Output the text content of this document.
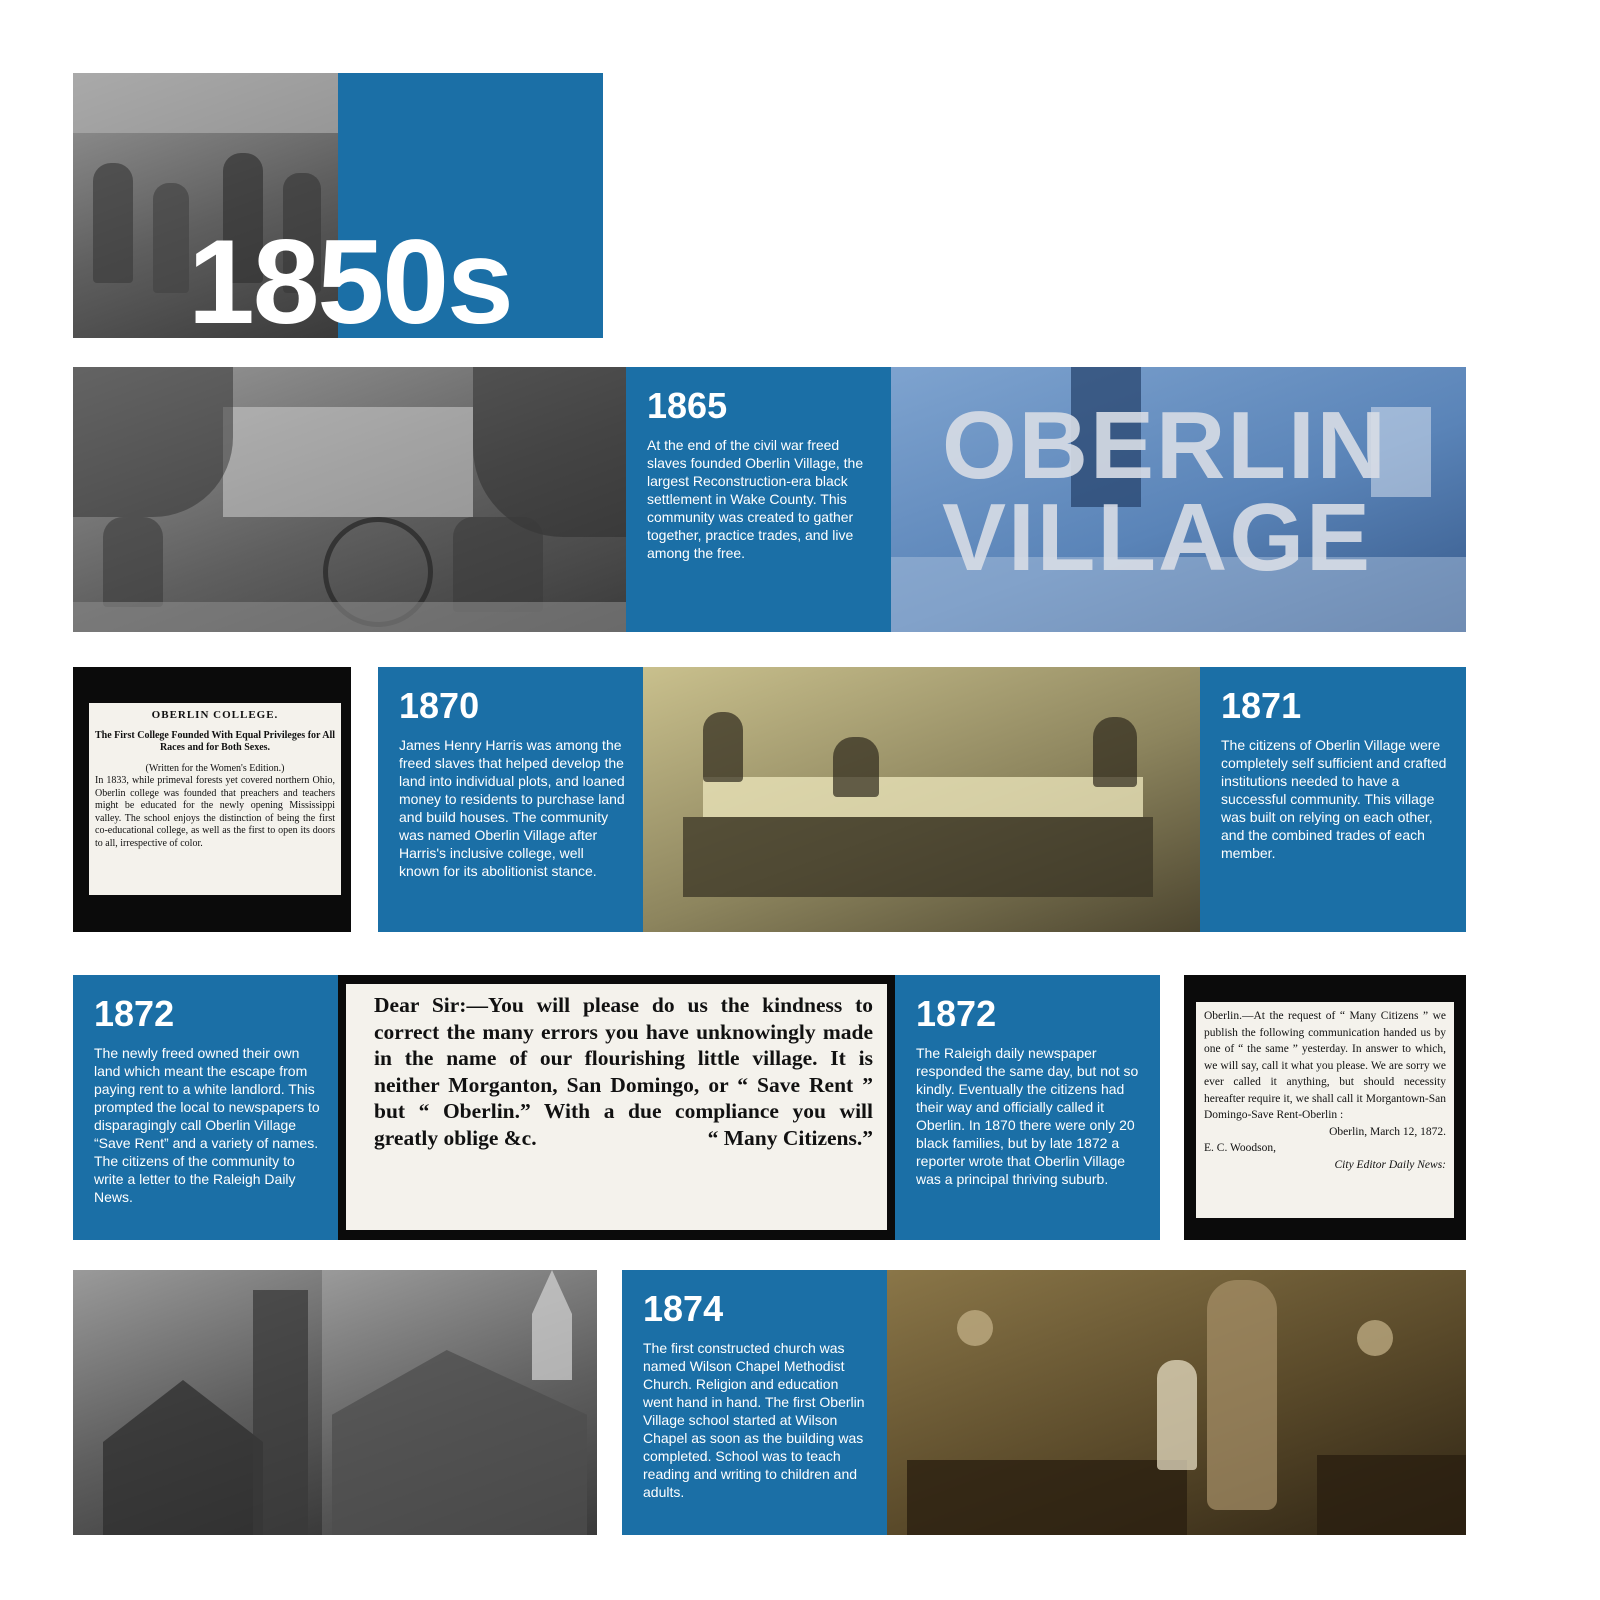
1850s
1865
At the end of the civil war freed slaves founded Oberlin Village, the largest Reconstruction-era black settlement in Wake County. This community was created to gather together, practice trades, and live among the free.
OBERLIN
VILLAGE
OBERLIN COLLEGE.
The First College Founded With Equal Privileges for All Races and for Both Sexes.
(Written for the Women's Edition.)
In 1833, while primeval forests yet covered northern Ohio, Oberlin college was founded that preachers and teachers might be educated for the newly opening Mississippi valley. The school enjoys the distinction of being the first co-educational college, as well as the first to open its doors to all, irrespective of color.
1870
James Henry Harris was among the freed slaves that helped develop the land into individual plots, and loaned money to residents to purchase land and build houses. The community was named Oberlin Village after Harris's inclusive college, well known for its abolitionist stance.
1871
The citizens of Oberlin Village were completely self sufficient and crafted institutions needed to have a successful community. This village was built on relying on each other, and the combined trades of each member.
1872
The newly freed owned their own land which meant the escape from paying rent to a white landlord. This prompted the local to newspapers to disparagingly call Oberlin Village “Save Rent” and a variety of names. The citizens of the community to write a letter to the Raleigh Daily News.
Dear Sir:—You will please do us the kindness to correct the many errors you have unknowingly made in the name of our flourishing little village. It is neither Morganton, San Domingo, or “ Save Rent ” but “ Oberlin.” With a due compliance you will greatly oblige &c.	“ Many Citizens.”
1872
The Raleigh daily newspaper responded the same day, but not so kindly. Eventually the citizens had their way and officially called it Oberlin. In 1870 there were only 20 black families, but by late 1872 a reporter wrote that Oberlin Village was a principal thriving suburb.
Oberlin.—At the request of “ Many Citizens ” we publish the following communication handed us by one of “ the same ” yesterday. In answer to which, we will say, call it what you please. We are sorry we ever called it anything, but should necessity hereafter require it, we shall call it Morgantown-San Domingo-Save Rent-Oberlin :
Oberlin, March 12, 1872.
E. C. Woodson,
City Editor Daily News:
1874
The first constructed church was named Wilson Chapel Methodist Church. Religion and education went hand in hand. The first Oberlin Village school started at Wilson Chapel as soon as the building was completed. School was to teach reading and writing to children and adults.
